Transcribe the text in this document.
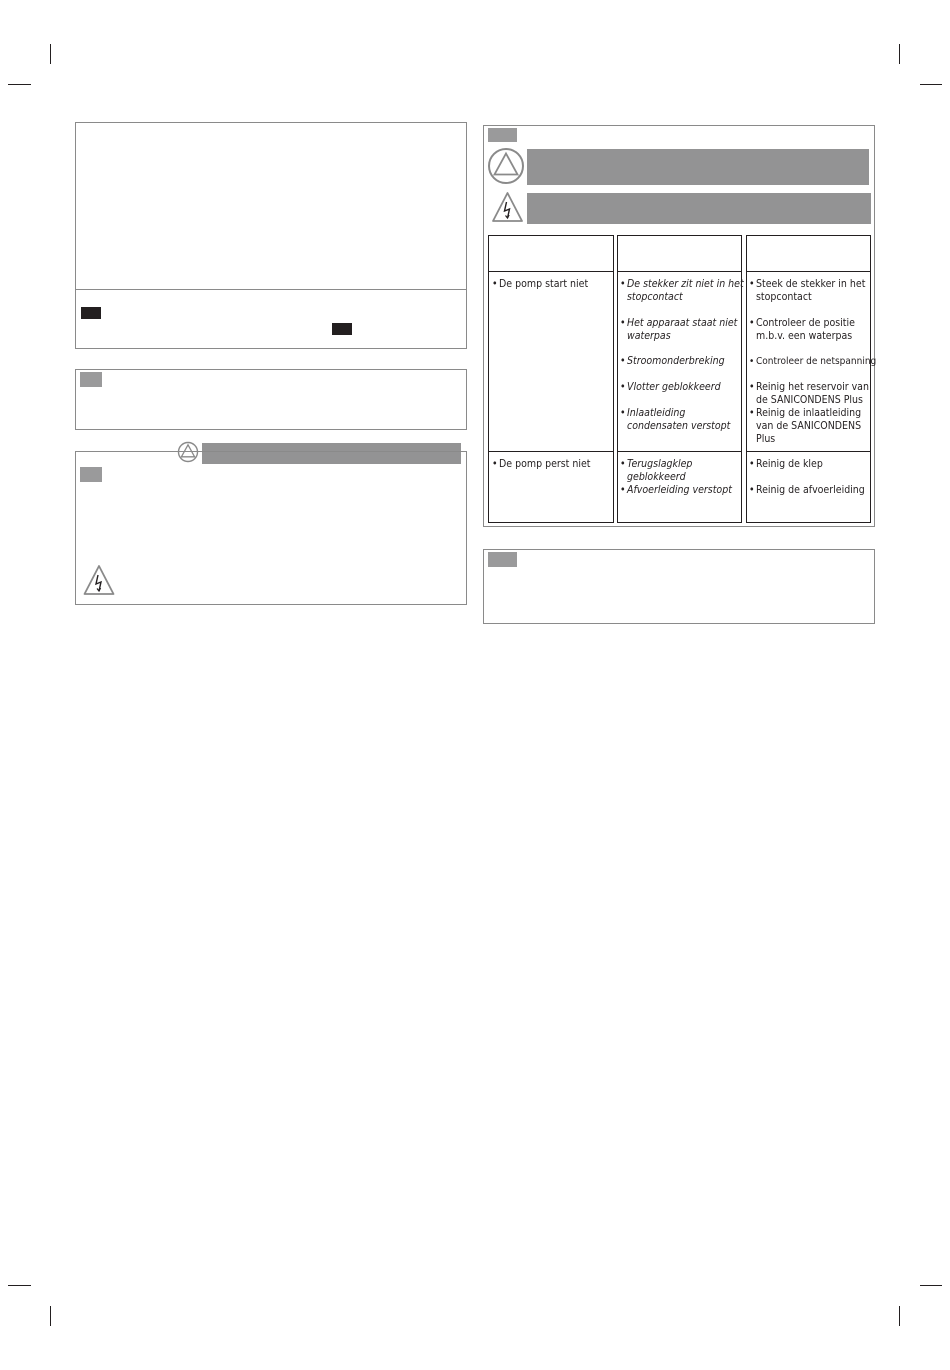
• De pomp start niet	• De stekker zit niet in het
stopcontact
• Het apparaat staat niet
waterpas
• Stroomonderbreking
• Vlotter geblokkeerd
• Inlaatleiding
condensaten verstopt
• Steek de stekker in het
stopcontact
• Controleer de positie
m.b.v. een waterpas
• Controleer de netspanning
• Reinig het reservoir van
de SANICONDENS Plus
• Reinig de inlaatleiding
van de SANICONDENS
Plus
• De pomp perst niet	• Terugslagklep
geblokkeerd
• Afvoerleiding verstopt
• Reinig de klep
• Reinig de afvoerleiding
